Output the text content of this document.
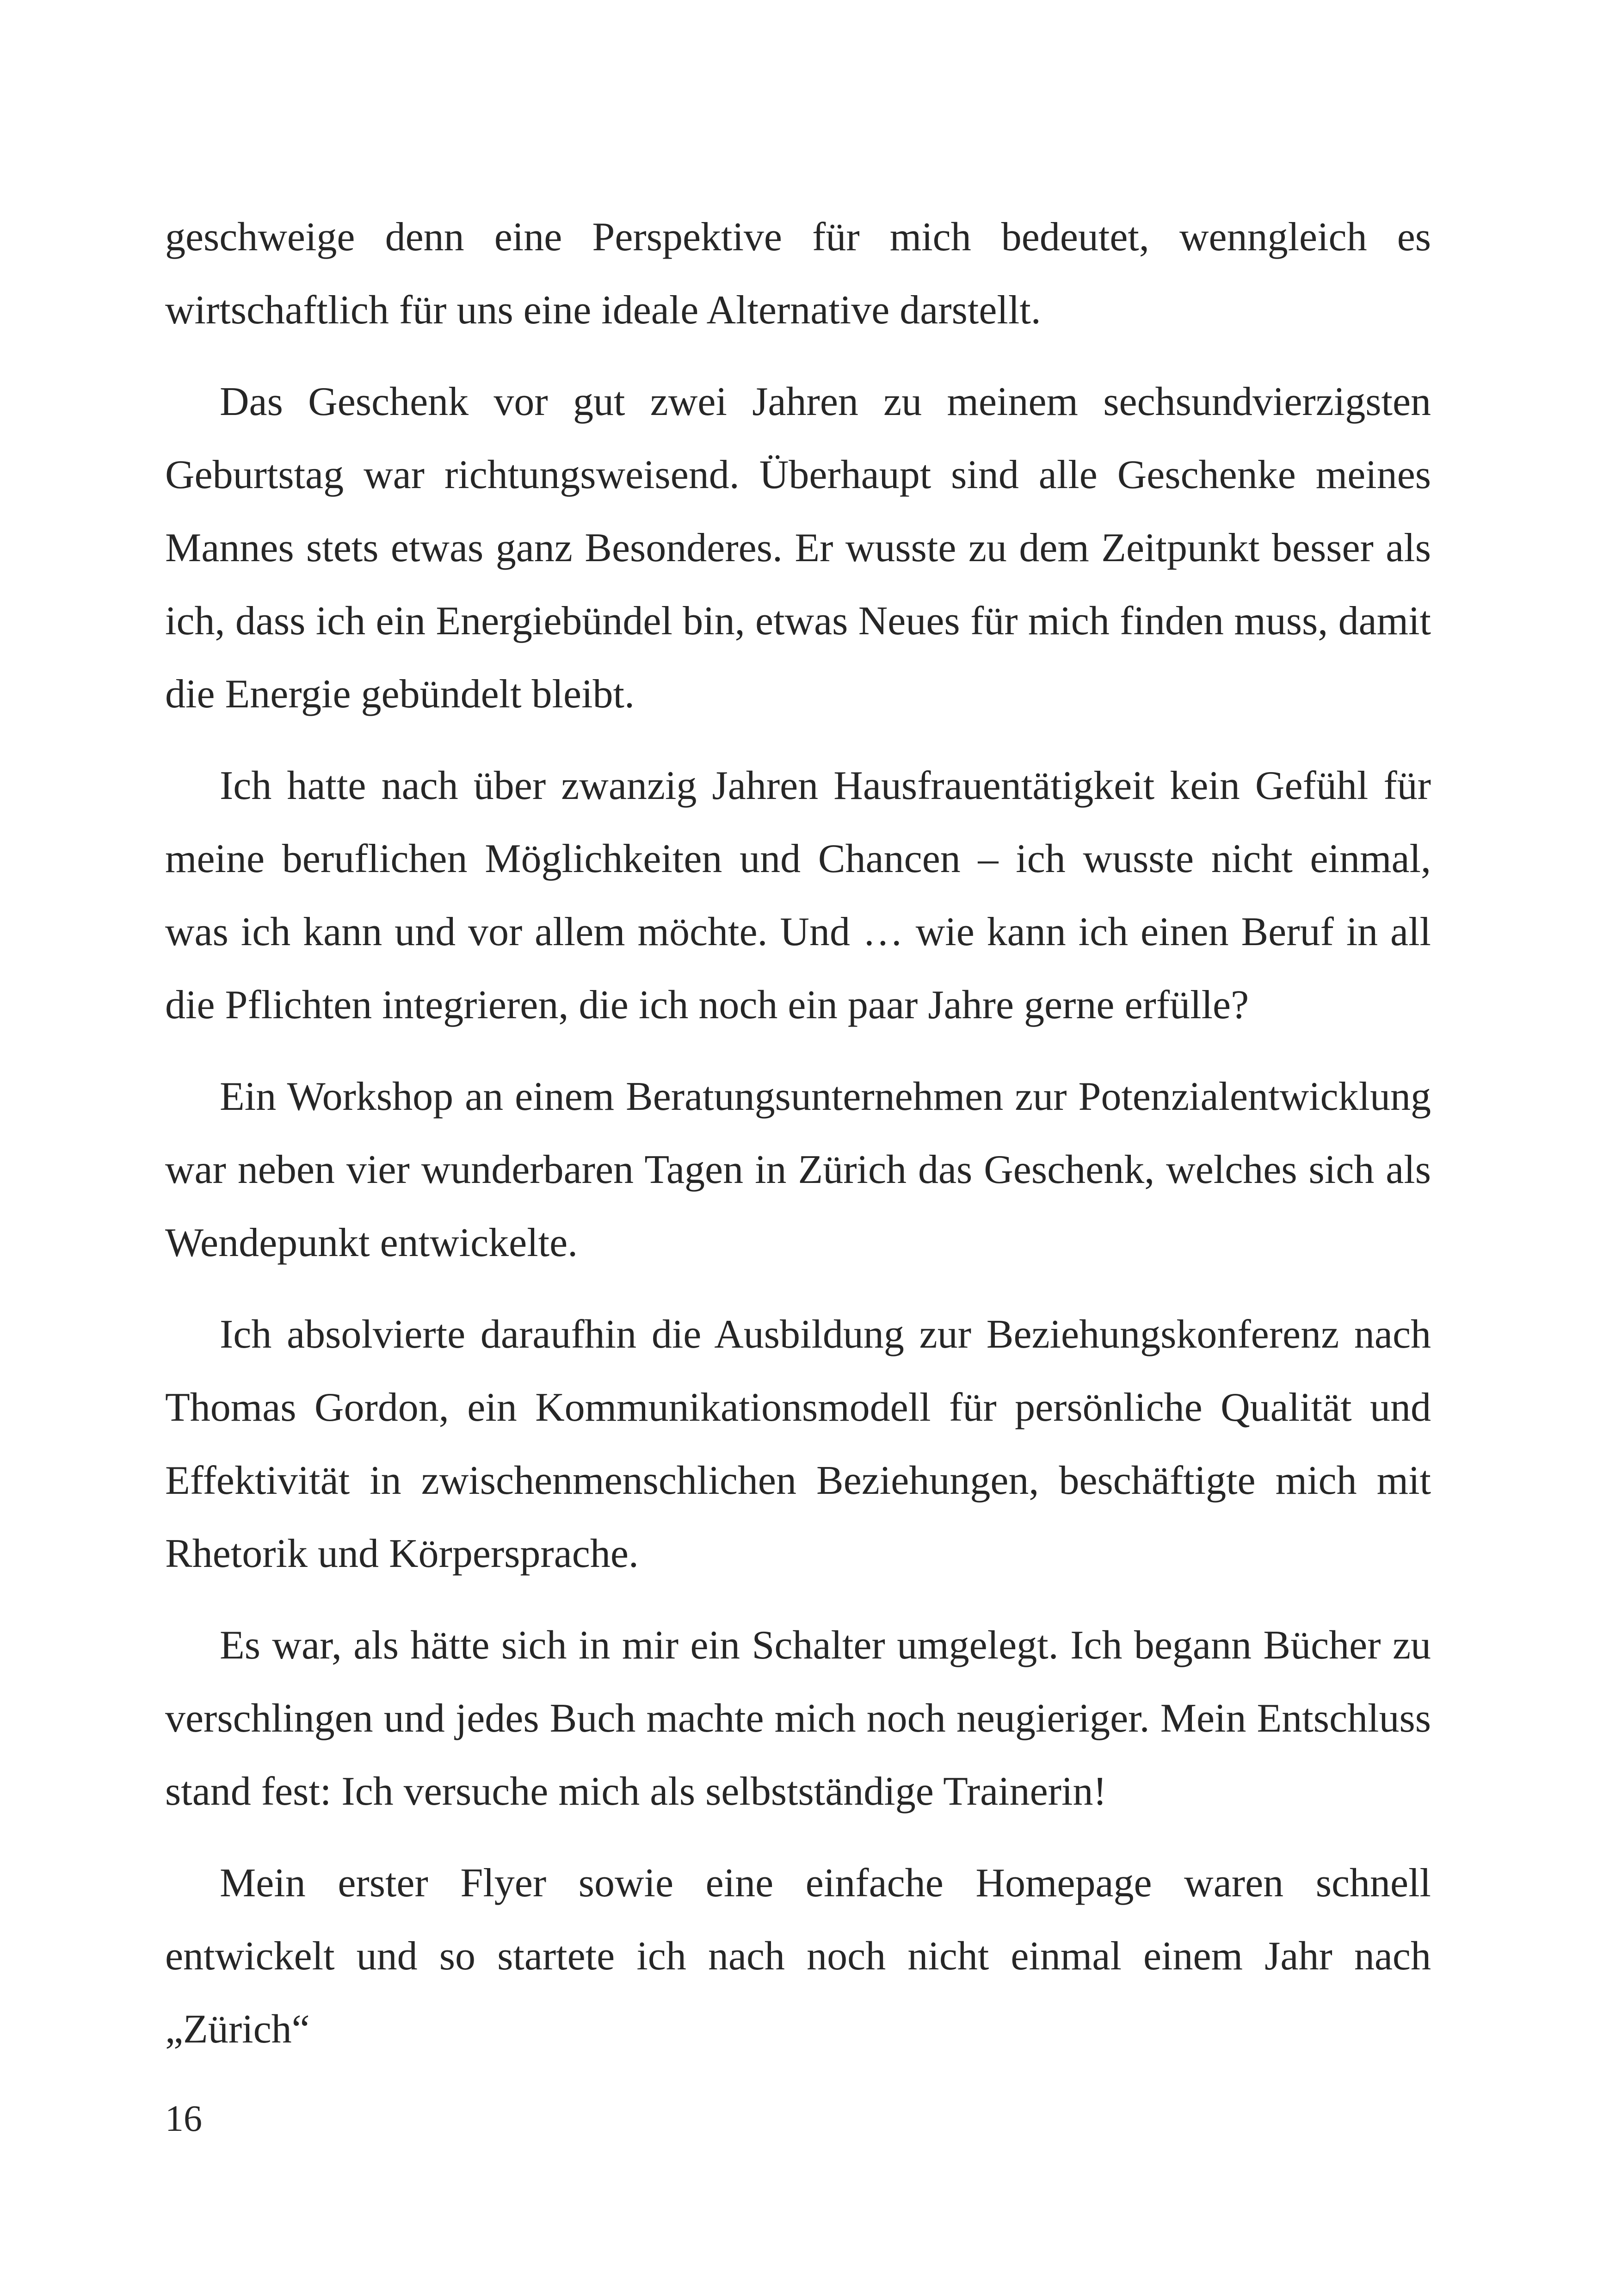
geschweige denn eine Perspektive für mich bedeutet, wenngleich es wirtschaftlich für uns eine ideale Alternative darstellt.

Das Geschenk vor gut zwei Jahren zu meinem sechsundvierzigsten Geburtstag war richtungsweisend. Überhaupt sind alle Geschenke meines Mannes stets etwas ganz Besonderes. Er wusste zu dem Zeitpunkt besser als ich, dass ich ein Energiebündel bin, etwas Neues für mich finden muss, damit die Energie gebündelt bleibt.

Ich hatte nach über zwanzig Jahren Hausfrauentätigkeit kein Gefühl für meine beruflichen Möglichkeiten und Chancen – ich wusste nicht einmal, was ich kann und vor allem möchte. Und … wie kann ich einen Beruf in all die Pflichten integrieren, die ich noch ein paar Jahre gerne erfülle?

Ein Workshop an einem Beratungsunternehmen zur Potenzialentwicklung war neben vier wunderbaren Tagen in Zürich das Geschenk, welches sich als Wendepunkt entwickelte.

Ich absolvierte daraufhin die Ausbildung zur Beziehungskonferenz nach Thomas Gordon, ein Kommunikationsmodell für persönliche Qualität und Effektivität in zwischenmenschlichen Beziehungen, beschäftigte mich mit Rhetorik und Körpersprache.

Es war, als hätte sich in mir ein Schalter umgelegt. Ich begann Bücher zu verschlingen und jedes Buch machte mich noch neugieriger. Mein Entschluss stand fest: Ich versuche mich als selbstständige Trainerin!

Mein erster Flyer sowie eine einfache Homepage waren schnell entwickelt und so startete ich nach noch nicht einmal einem Jahr nach „Zürich“

16
